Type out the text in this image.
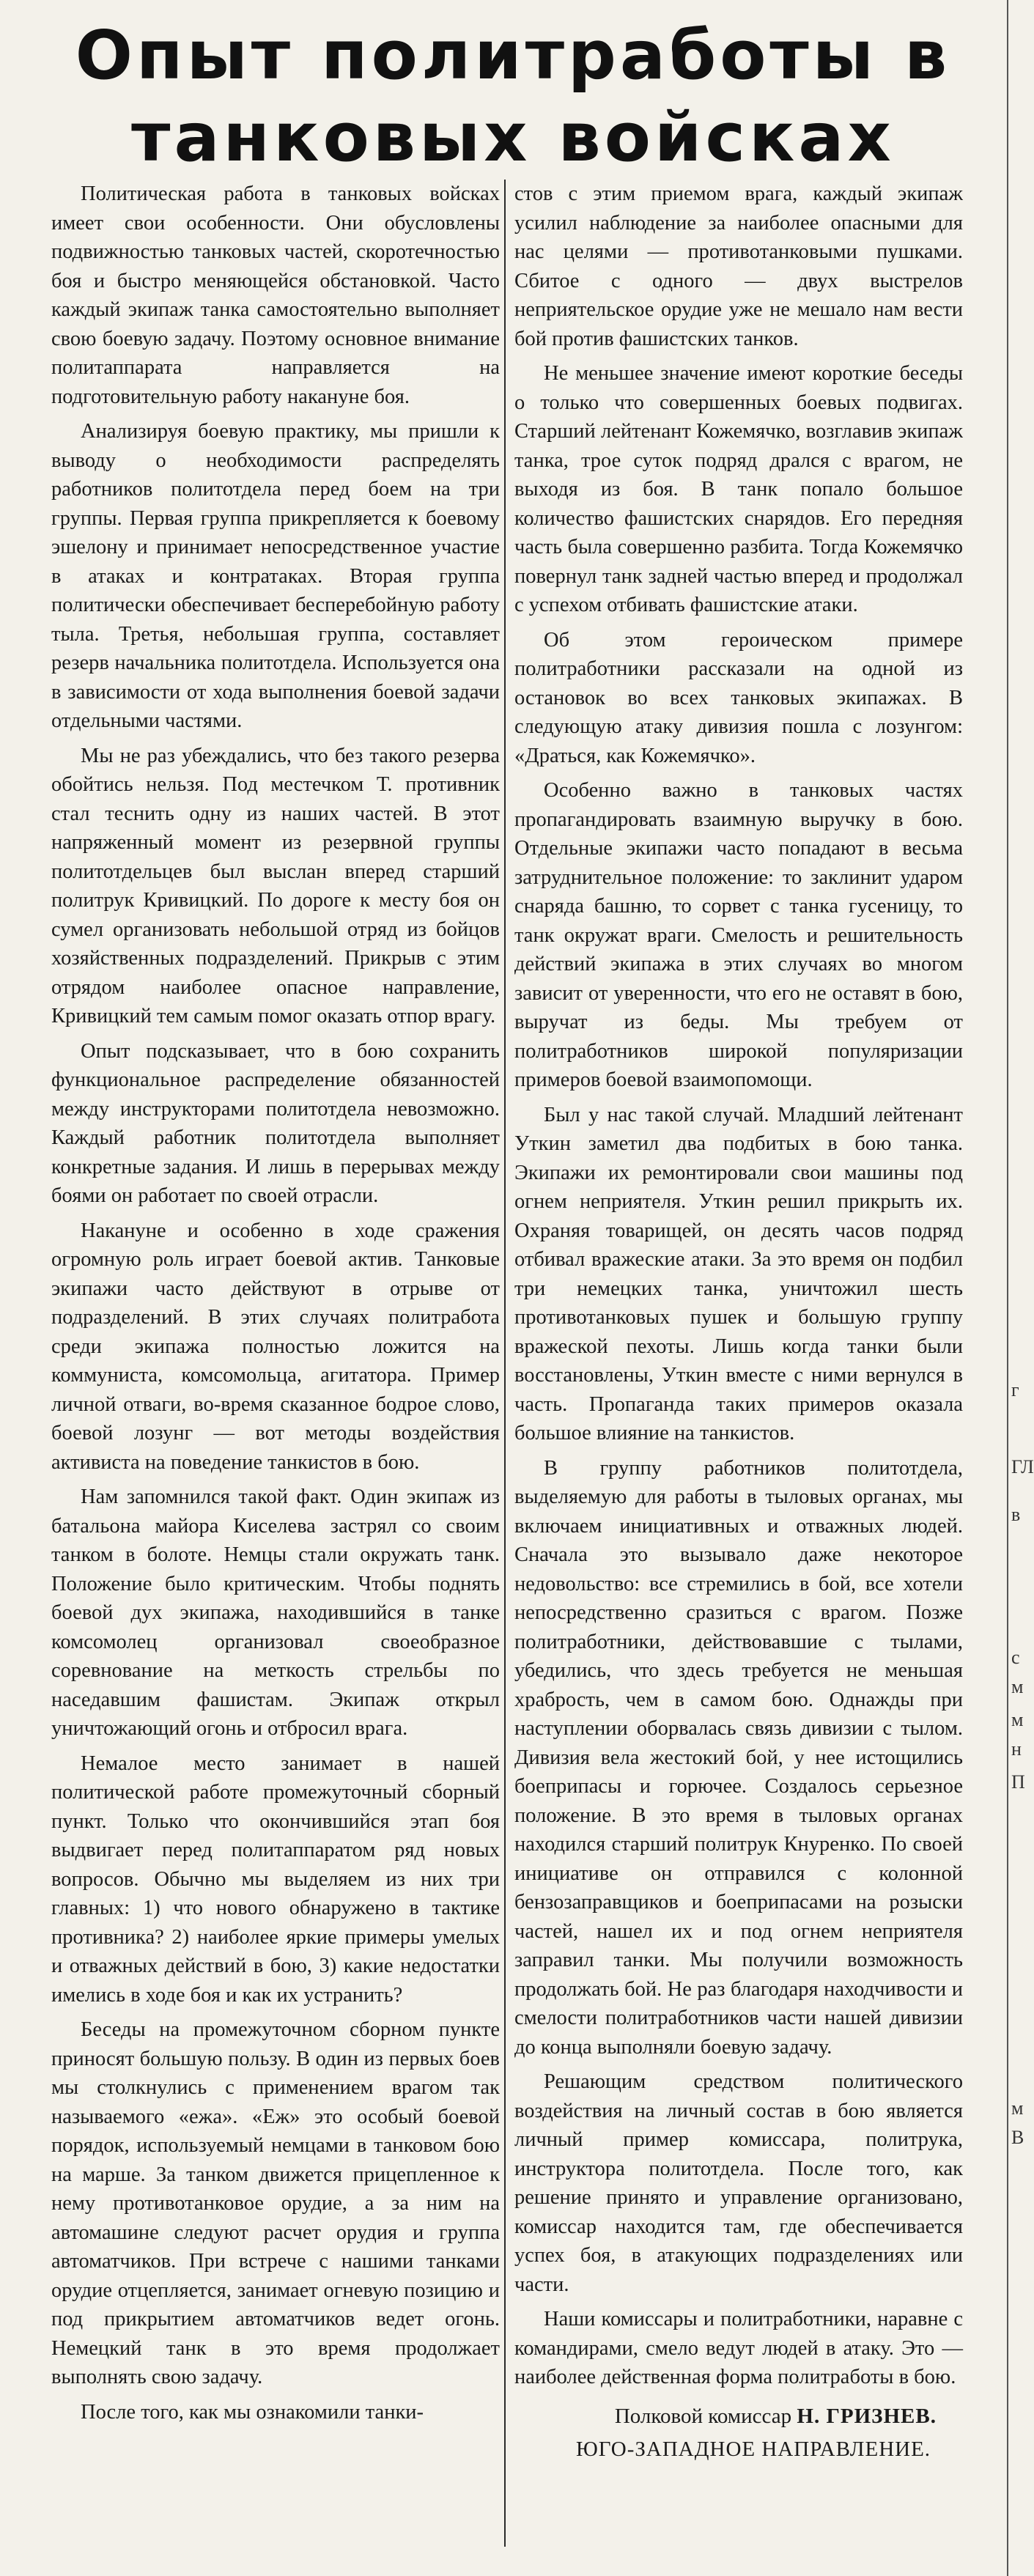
Опыт политработы в
танковых войсках

Политическая работа в танковых войсках имеет свои особенности. Они обусловлены подвижностью танковых частей, скоротечностью боя и быстро меняющейся обстановкой. Часто каждый экипаж танка самостоятельно выполняет свою боевую задачу. Поэтому основное внимание политаппарата направляется на подготовительную работу накануне боя.

Анализируя боевую практику, мы пришли к выводу о необходимости распределять работников политотдела перед боем на три группы. Первая группа прикрепляется к боевому эшелону и принимает непосредственное участие в атаках и контратаках. Вторая группа политически обеспечивает бесперебойную работу тыла. Третья, небольшая группа, составляет резерв начальника политотдела. Используется она в зависимости от хода выполнения боевой задачи отдельными частями.

Мы не раз убеждались, что без такого резерва обойтись нельзя. Под местечком Т. противник стал теснить одну из наших частей. В этот напряженный момент из резервной группы политотдельцев был выслан вперед старший политрук Кривицкий. По дороге к месту боя он сумел организовать небольшой отряд из бойцов хозяйственных подразделений. Прикрыв с этим отрядом наиболее опасное направление, Кривицкий тем самым помог оказать отпор врагу.

Опыт подсказывает, что в бою сохранить функциональное распределение обязанностей между инструкторами политотдела невозможно. Каждый работник политотдела выполняет конкретные задания. И лишь в перерывах между боями он работает по своей отрасли.

Накануне и особенно в ходе сражения огромную роль играет боевой актив. Танковые экипажи часто действуют в отрыве от подразделений. В этих случаях политработа среди экипажа полностью ложится на коммуниста, комсомольца, агитатора. Пример личной отваги, во-время сказанное бодрое слово, боевой лозунг — вот методы воздействия активиста на поведение танкистов в бою.

Нам запомнился такой факт. Один экипаж из батальона майора Киселева застрял со своим танком в болоте. Немцы стали окружать танк. Положение было критическим. Чтобы поднять боевой дух экипажа, находившийся в танке комсомолец организовал своеобразное соревнование на меткость стрельбы по наседавшим фашистам. Экипаж открыл уничтожающий огонь и отбросил врага.

Немалое место занимает в нашей политической работе промежуточный сборный пункт. Только что окончившийся этап боя выдвигает перед политаппаратом ряд новых вопросов. Обычно мы выделяем из них три главных: 1) что нового обнаружено в тактике противника? 2) наиболее яркие примеры умелых и отважных действий в бою, 3) какие недостатки имелись в ходе боя и как их устранить?

Беседы на промежуточном сборном пункте приносят большую пользу. В один из первых боев мы столкнулись с применением врагом так называемого «ежа». «Еж» это особый боевой порядок, используемый немцами в танковом бою на марше. За танком движется прицепленное к нему противотанковое орудие, а за ним на автомашине следуют расчет орудия и группа автоматчиков. При встрече с нашими танками орудие отцепляется, занимает огневую позицию и под прикрытием автоматчиков ведет огонь. Немецкий танк в это время продолжает выполнять свою задачу.

После того, как мы ознакомили танки-

стов с этим приемом врага, каждый экипаж усилил наблюдение за наиболее опасными для нас целями — противотанковыми пушками. Сбитое с одного — двух выстрелов неприятельское орудие уже не мешало нам вести бой против фашистских танков.

Не меньшее значение имеют короткие беседы о только что совершенных боевых подвигах. Старший лейтенант Кожемячко, возглавив экипаж танка, трое суток подряд дрался с врагом, не выходя из боя. В танк попало большое количество фашистских снарядов. Его передняя часть была совершенно разбита. Тогда Кожемячко повернул танк задней частью вперед и продолжал с успехом отбивать фашистские атаки.

Об этом героическом примере политработники рассказали на одной из остановок во всех танковых экипажах. В следующую атаку дивизия пошла с лозунгом: «Драться, как Кожемячко».

Особенно важно в танковых частях пропагандировать взаимную выручку в бою. Отдельные экипажи часто попадают в весьма затруднительное положение: то заклинит ударом снаряда башню, то сорвет с танка гусеницу, то танк окружат враги. Смелость и решительность действий экипажа в этих случаях во многом зависит от уверенности, что его не оставят в бою, выручат из беды. Мы требуем от политработников широкой популяризации примеров боевой взаимопомощи.

Был у нас такой случай. Младший лейтенант Уткин заметил два подбитых в бою танка. Экипажи их ремонтировали свои машины под огнем неприятеля. Уткин решил прикрыть их. Охраняя товарищей, он десять часов подряд отбивал вражеские атаки. За это время он подбил три немецких танка, уничтожил шесть противотанковых пушек и большую группу вражеской пехоты. Лишь когда танки были восстановлены, Уткин вместе с ними вернулся в часть. Пропаганда таких примеров оказала большое влияние на танкистов.

В группу работников политотдела, выделяемую для работы в тыловых органах, мы включаем инициативных и отважных людей. Сначала это вызывало даже некоторое недовольство: все стремились в бой, все хотели непосредственно сразиться с врагом. Позже политработники, действовавшие с тылами, убедились, что здесь требуется не меньшая храбрость, чем в самом бою. Однажды при наступлении оборвалась связь дивизии с тылом. Дивизия вела жестокий бой, у нее истощились боеприпасы и горючее. Создалось серьезное положение. В это время в тыловых органах находился старший политрук Кнуренко. По своей инициативе он отправился с колонной бензозаправщиков и боеприпасами на розыски частей, нашел их и под огнем неприятеля заправил танки. Мы получили возможность продолжать бой. Не раз благодаря находчивости и смелости политработников части нашей дивизии до конца выполняли боевую задачу.

Решающим средством политического воздействия на личный состав в бою является личный пример комиссара, политрука, инструктора политотдела. После того, как решение принято и управление организовано, комиссар находится там, где обеспечивается успех боя, в атакующих подразделениях или части.

Наши комиссары и политработники, наравне с командирами, смело ведут людей в атаку. Это — наиболее действенная форма политработы в бою.

Полковой комиссар Н. ГРИЗНЕВ.
ЮГО-ЗАПАДНОЕ НАПРАВЛЕНИЕ.
г
ГЛ
в
с
м
м
н
П
м
В
